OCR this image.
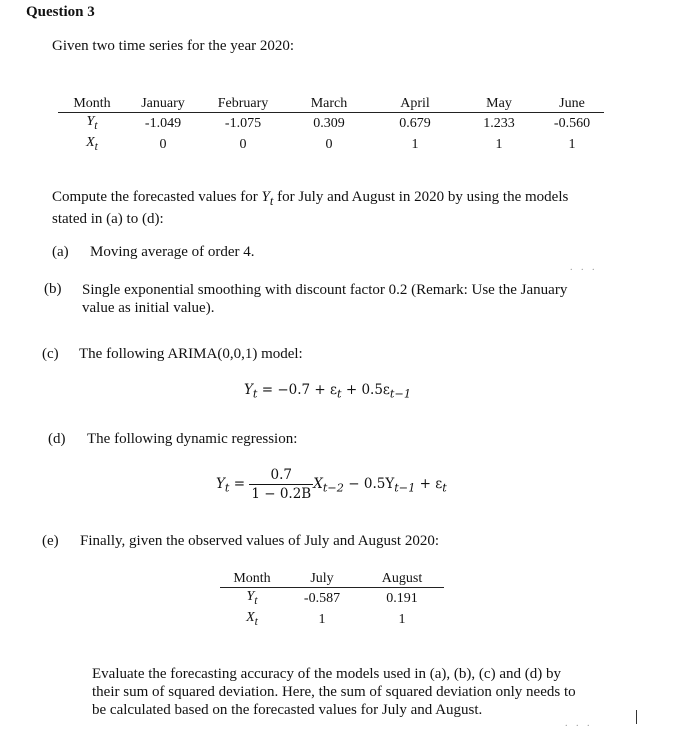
Question 3
Given two time series for the year 2020:
Month	January	February	March	April	May	June
$Y_t$	-1.049	-1.075	0.309	0.679	1.233	-0.560
$X_t$	0	0	0	1	1	1
Compute the forecasted values for $Y_t$ for July and August in 2020 by using the models
stated in (a) to (d):
(a) Moving average of order 4.
. . .
(b) Single exponential smoothing with discount factor 0.2 (Remark: Use the January
value as initial value).
(c) The following ARIMA(0,0,1) model:
$Y_t = -0.7 + \varepsilon_t + 0.5\varepsilon_{t-1}$
(d) The following dynamic regression:
$Y_t = \frac{0.7}{1 - 0.2B} X_{t-2} - 0.5Y_{t-1} + \varepsilon_t$
(e) Finally, given the observed values of July and August 2020:
Month	July	August
$Y_t$	-0.587	0.191
$X_t$	1	1
Evaluate the forecasting accuracy of the models used in (a), (b), (c) and (d) by
their sum of squared deviation. Here, the sum of squared deviation only needs to
be calculated based on the forecasted values for July and August.
. . .
